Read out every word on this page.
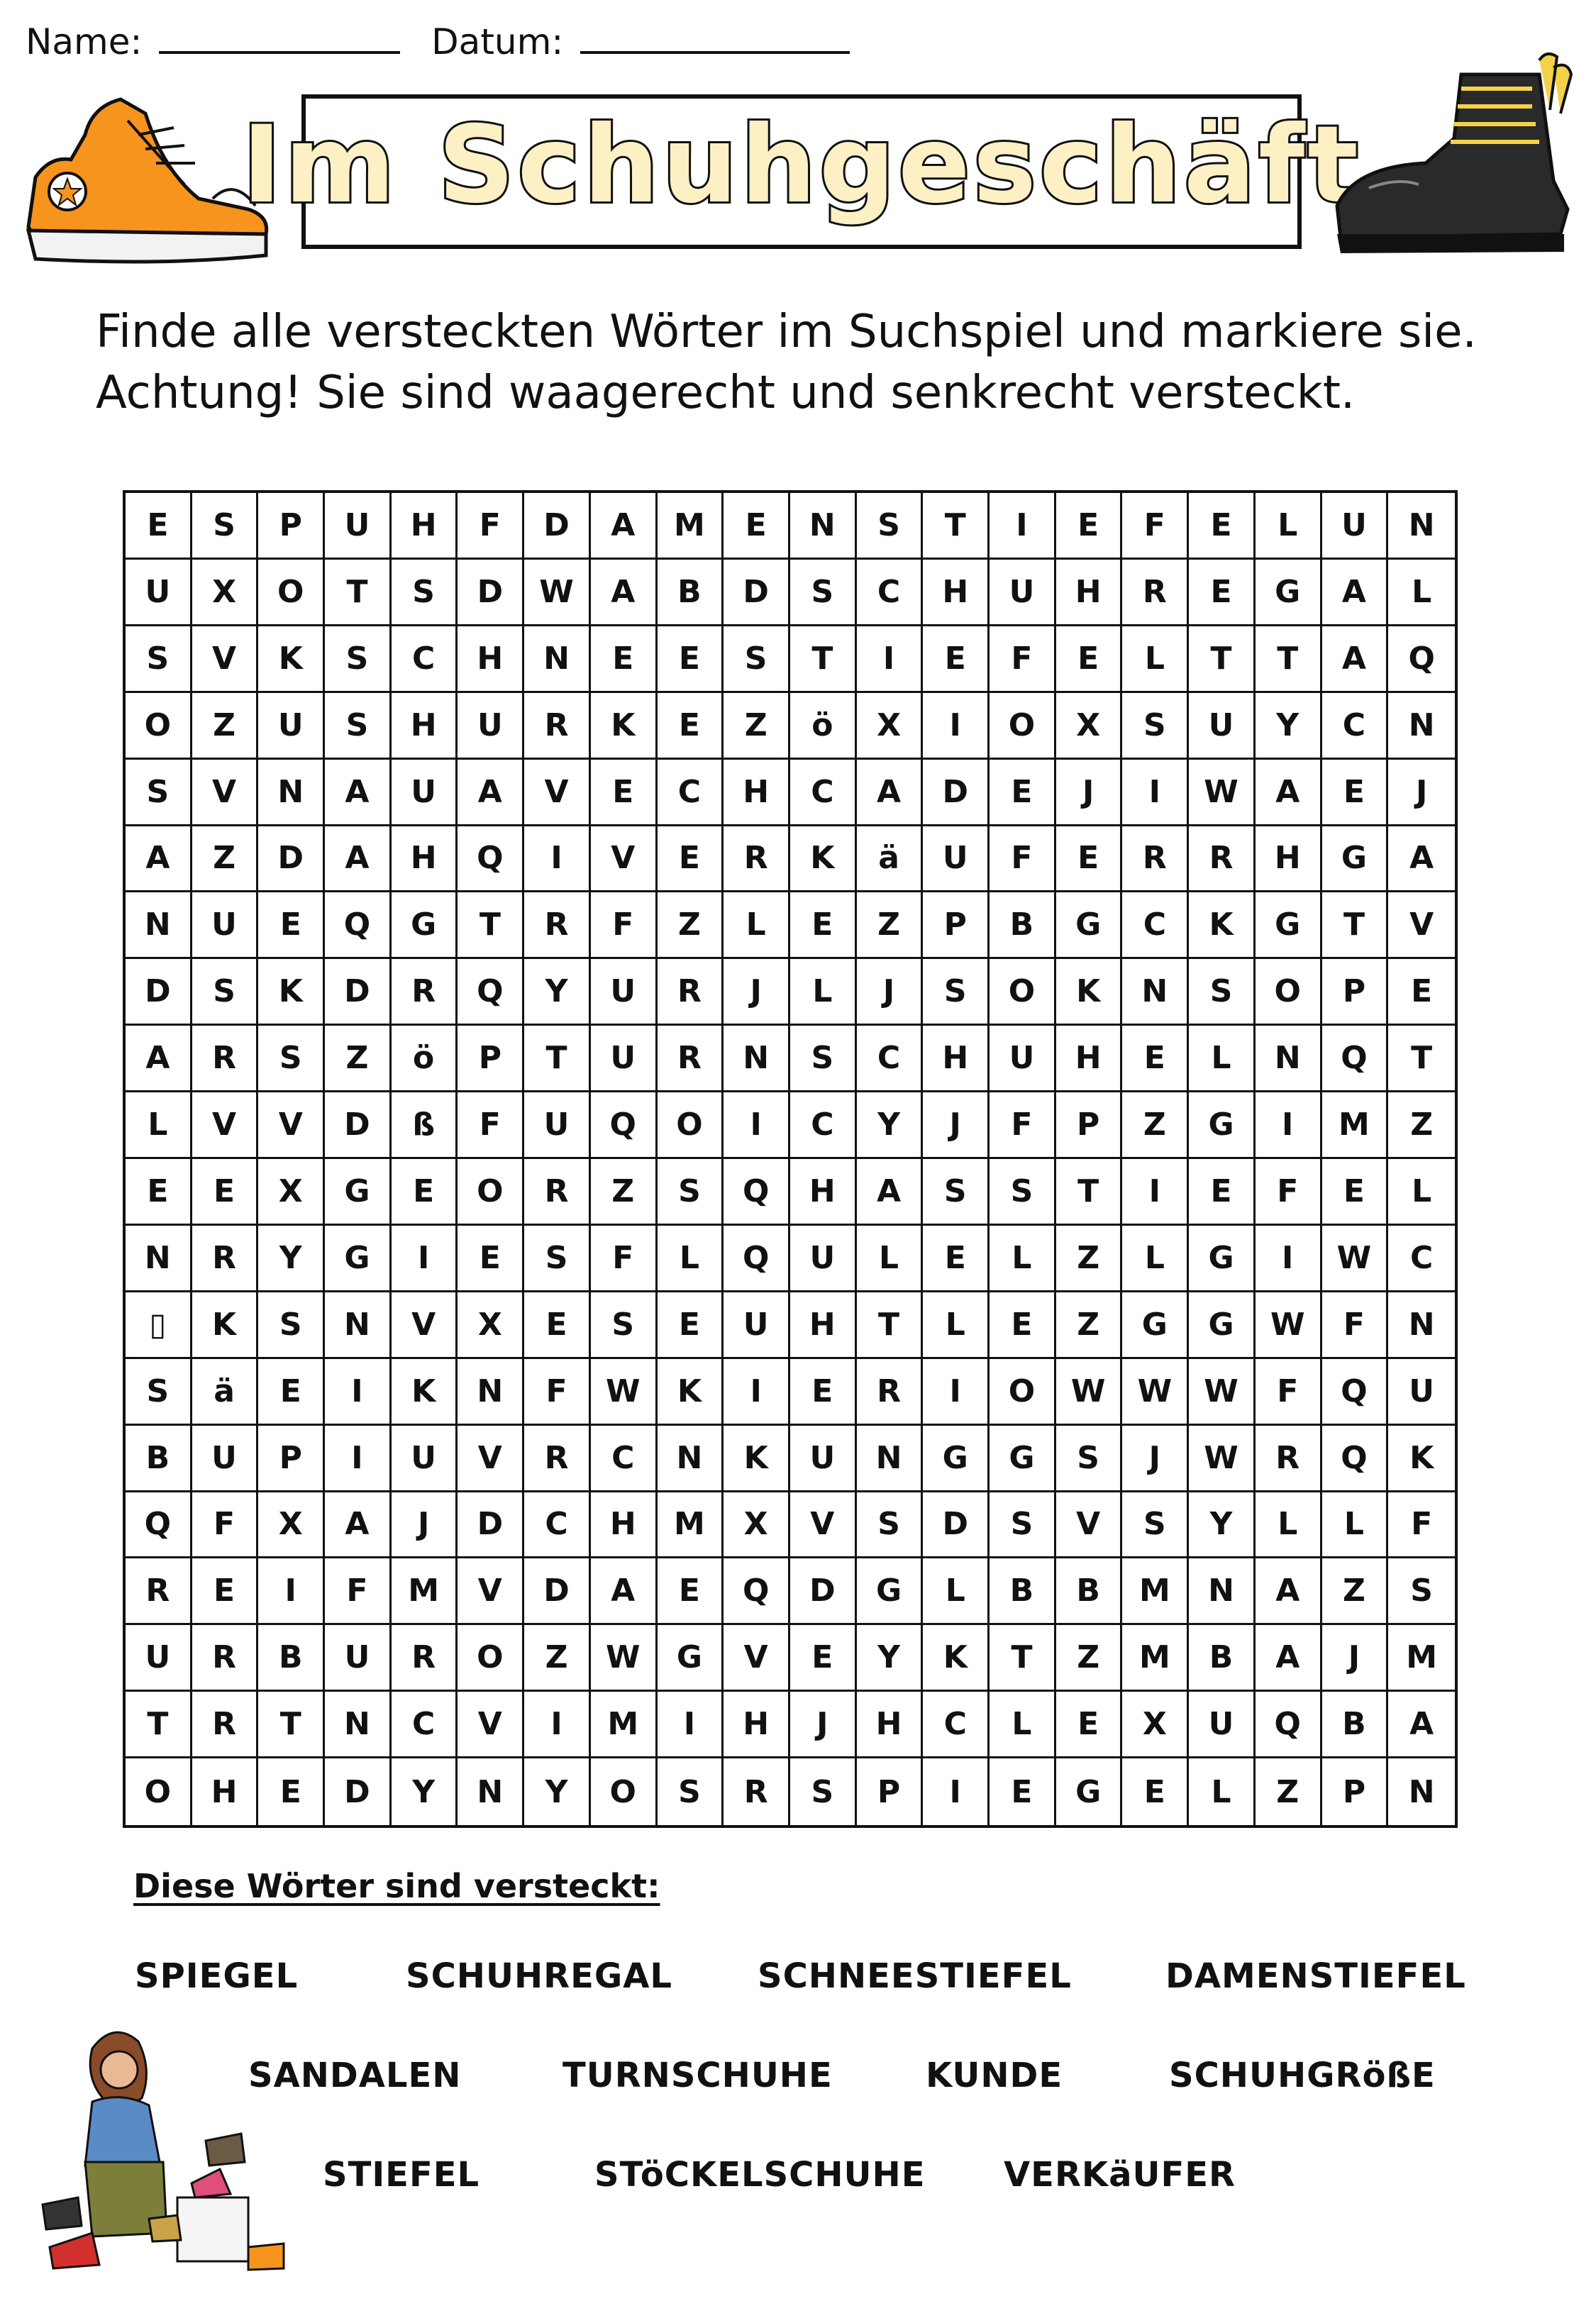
Name:	Datum:
Im Schuhgeschäft
Finde alle versteckten Wörter im Suchspiel und markiere sie.
Achtung! Sie sind waagerecht und senkrecht versteckt.
E	S	P	U	H	F	D	A	M	E	N	S	T	I	E	F	E	L	U	N
U	X	O	T	S	D	W	A	B	D	S	C	H	U	H	R	E	G	A	L
S	V	K	S	C	H	N	E	E	S	T	I	E	F	E	L	T	T	A	Q
O	Z	U	S	H	U	R	K	E	Z	ö	X	I	O	X	S	U	Y	C	N
S	V	N	A	U	A	V	E	C	H	C	A	D	E	J	I	W	A	E	J
A	Z	D	A	H	Q	I	V	E	R	K	ä	U	F	E	R	R	H	G	A
N	U	E	Q	G	T	R	F	Z	L	E	Z	P	B	G	C	K	G	T	V
D	S	K	D	R	Q	Y	U	R	J	L	J	S	O	K	N	S	O	P	E
A	R	S	Z	ö	P	T	U	R	N	S	C	H	U	H	E	L	N	Q	T
L	V	V	D	ß	F	U	Q	O	I	C	Y	J	F	P	Z	G	I	M	Z
E	E	X	G	E	O	R	Z	S	Q	H	A	S	S	T	I	E	F	E	L
N	R	Y	G	I	E	S	F	L	Q	U	L	E	L	Z	L	G	I	W	C
▯	K	S	N	V	X	E	S	E	U	H	T	L	E	Z	G	G	W	F	N
S	ä	E	I	K	N	F	W	K	I	E	R	I	O	W	W	W	F	Q	U
B	U	P	I	U	V	R	C	N	K	U	N	G	G	S	J	W	R	Q	K
Q	F	X	A	J	D	C	H	M	X	V	S	D	S	V	S	Y	L	L	F
R	E	I	F	M	V	D	A	E	Q	D	G	L	B	B	M	N	A	Z	S
U	R	B	U	R	O	Z	W	G	V	E	Y	K	T	Z	M	B	A	J	M
T	R	T	N	C	V	I	M	I	H	J	H	C	L	E	X	U	Q	B	A
O	H	E	D	Y	N	Y	O	S	R	S	P	I	E	G	E	L	Z	P	N
Diese Wörter sind versteckt:
SPIEGEL	SCHUHREGAL	SCHNEESTIEFEL	DAMENSTIEFEL
SANDALEN	TURNSCHUHE	KUNDE	SCHUHGRößE
STIEFEL	STöCKELSCHUHE VERKäUFER
